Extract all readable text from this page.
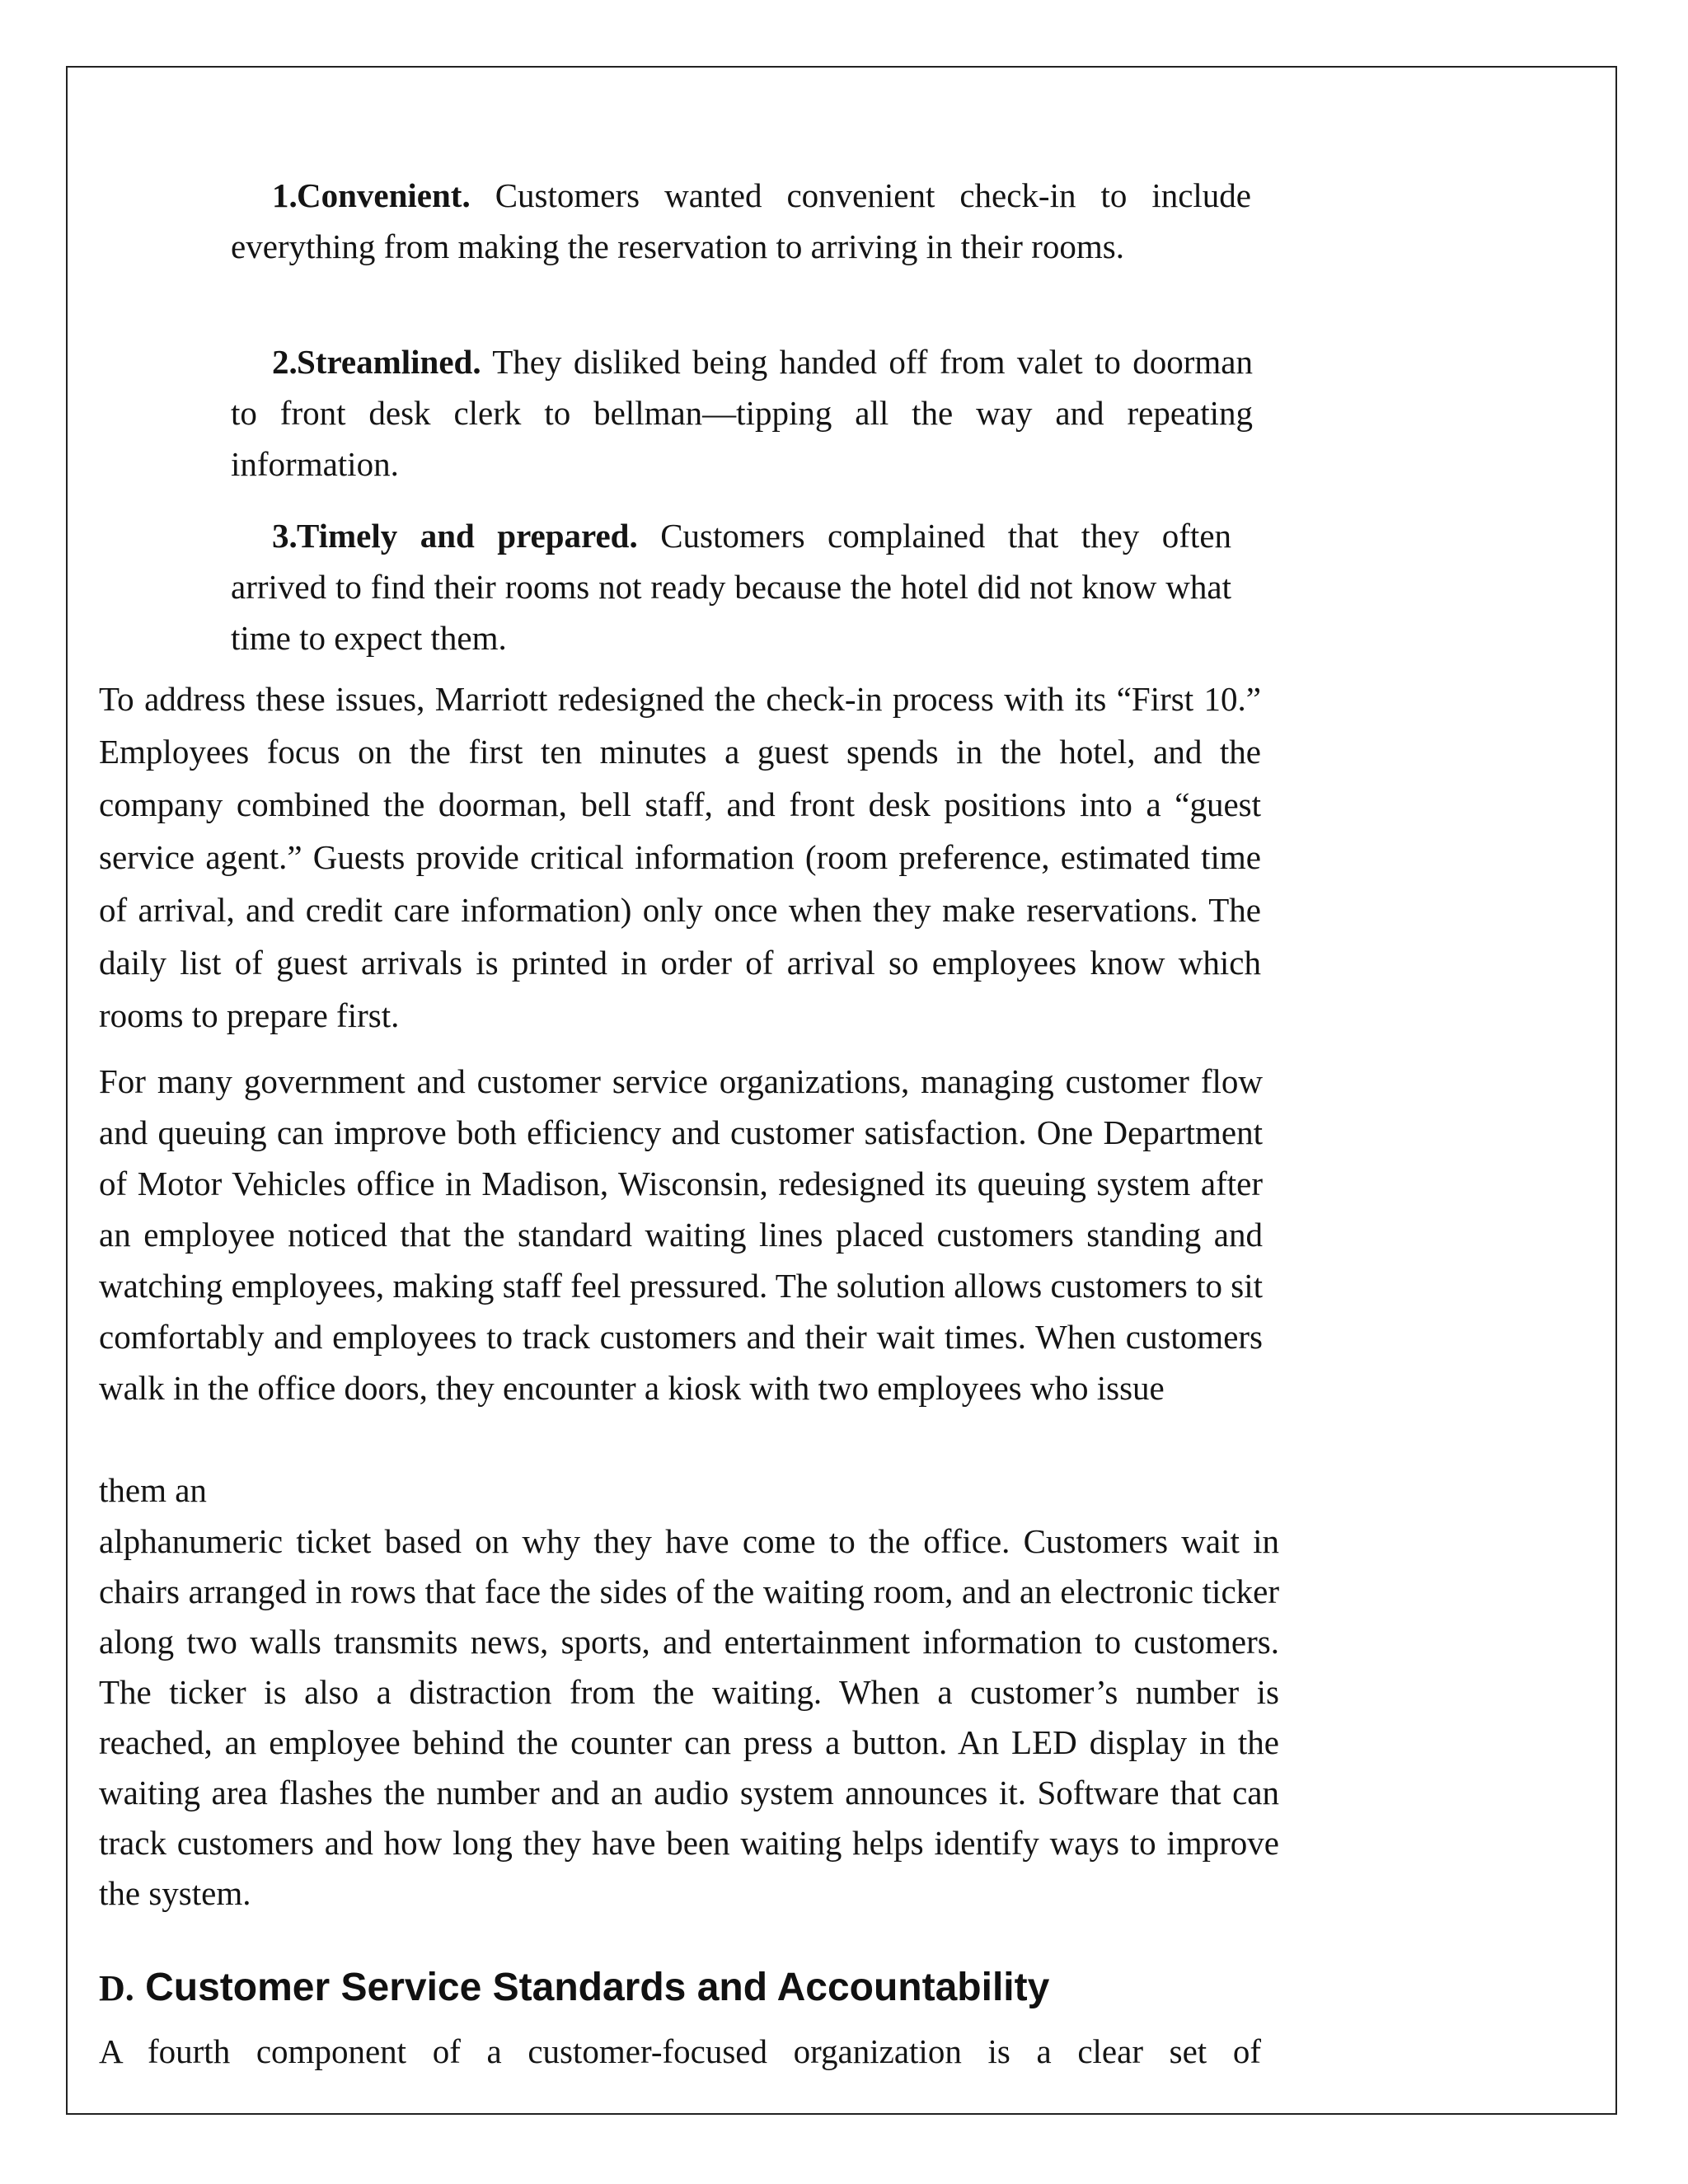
1. Convenient. Customers wanted convenient check-in to include everything from making the reservation to arriving in their rooms.

2. Streamlined. They disliked being handed off from valet to doorman to front desk clerk to bellman—tipping all the way and repeating information.

3. Timely and prepared. Customers complained that they often arrived to find their rooms not ready because the hotel did not know what time to expect them.

To address these issues, Marriott redesigned the check-in process with its “First 10.” Employees focus on the first ten minutes a guest spends in the hotel, and the company combined the doorman, bell staff, and front desk positions into a “guest service agent.” Guests provide critical information (room preference, estimated time of arrival, and credit care information) only once when they make reservations. The daily list of guest arrivals is printed in order of arrival so employees know which rooms to prepare first.

For many government and customer service organizations, managing customer flow and queuing can improve both efficiency and customer satisfaction. One Department of Motor Vehicles office in Madison, Wisconsin, redesigned its queuing system after an employee noticed that the standard waiting lines placed customers standing and watching employees, making staff feel pressured. The solution allows customers to sit comfortably and employees to track customers and their wait times. When customers walk in the office doors, they encounter a kiosk with two employees who issue

them an

alphanumeric ticket based on why they have come to the office. Customers wait in chairs arranged in rows that face the sides of the waiting room, and an electronic ticker along two walls transmits news, sports, and entertainment information to customers. The ticker is also a distraction from the waiting. When a customer’s number is reached, an employee behind the counter can press a button. An LED display in the waiting area flashes the number and an audio system announces it. Software that can track customers and how long they have been waiting helps identify ways to improve the system.

D. Customer Service Standards and Accountability

A fourth component of a customer-focused organization is a clear set of
